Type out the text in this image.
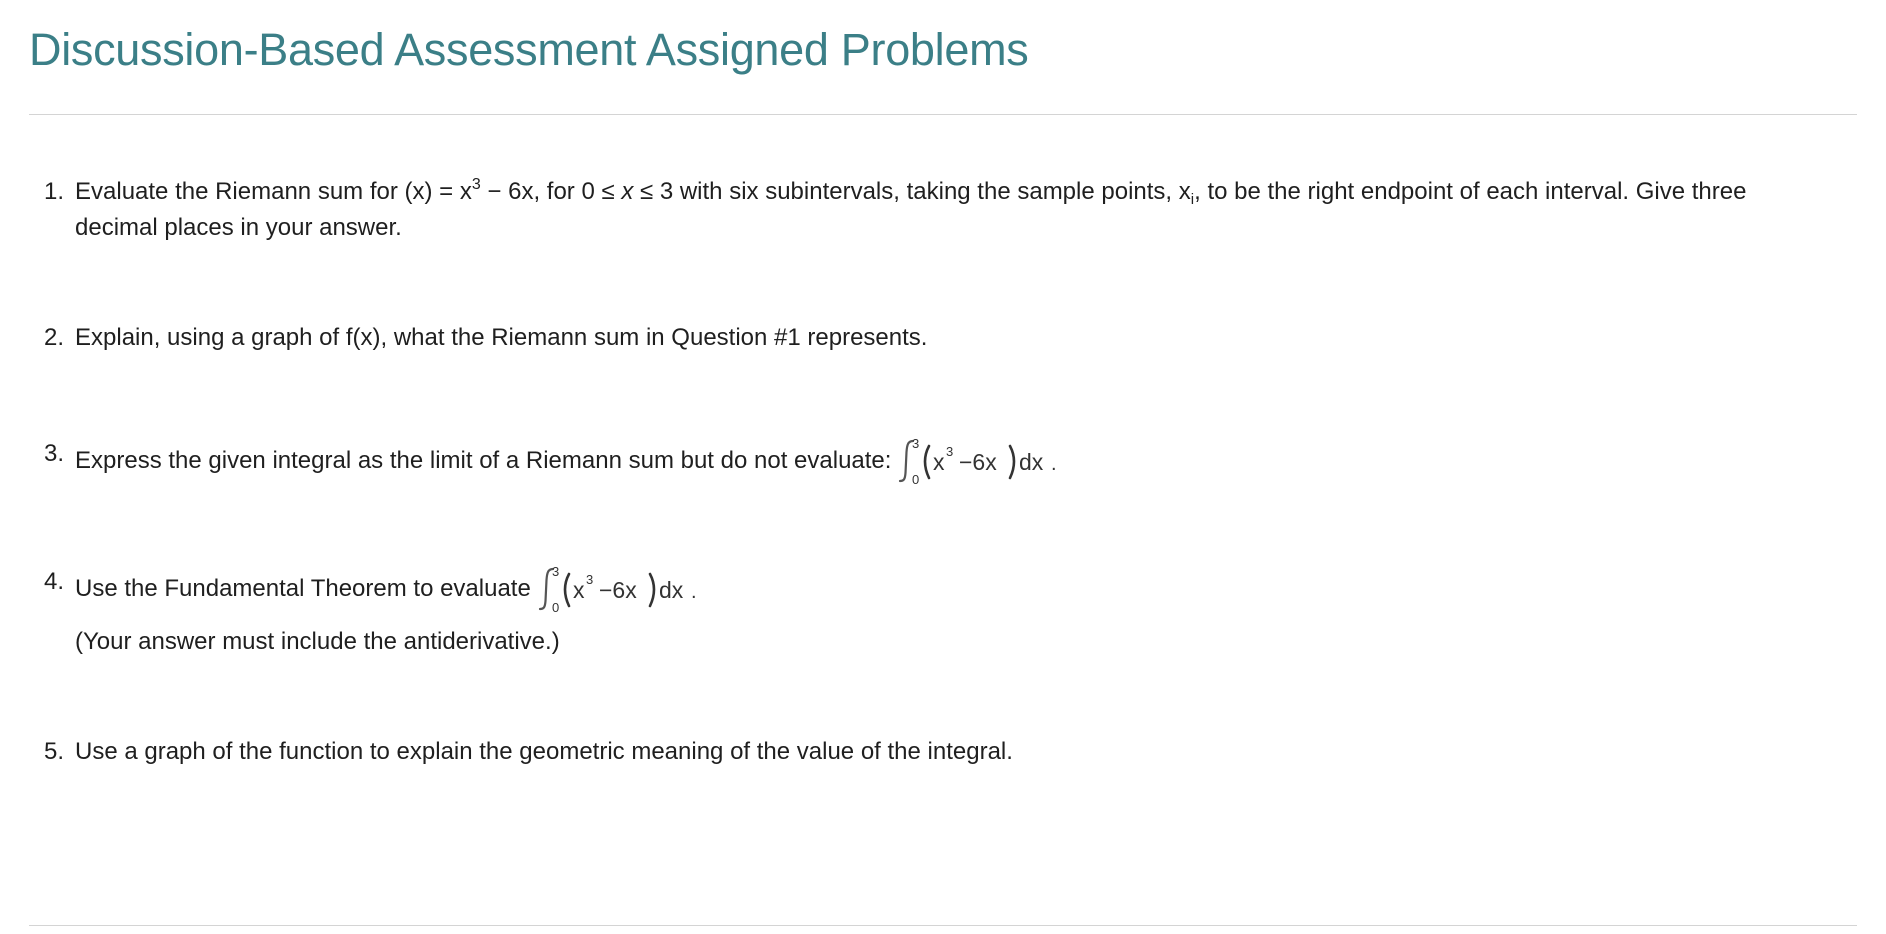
Discussion-Based Assessment Assigned Problems
1. Evaluate the Riemann sum for $(x) = x^3 - 6x$, for 0 ≤ x ≤ 3 with six subintervals, taking the sample points, $x_i$, to be the right endpoint of each interval. Give three decimal places in your answer.
2. Explain, using a graph of f(x), what the Riemann sum in Question #1 represents.
3. Express the given integral as the limit of a Riemann sum but do not evaluate:
3
0
x 3 −6x dx .
4. Use the Fundamental Theorem to evaluate
3
0
x 3 −6x dx .
(Your answer must include the antiderivative.)
5. Use a graph of the function to explain the geometric meaning of the value of the integral.
